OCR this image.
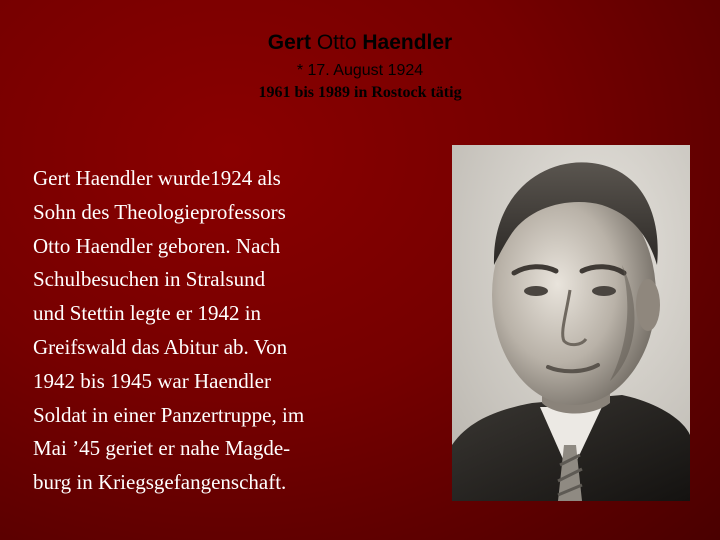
Gert Otto Haendler
* 17. August 1924
1961 bis 1989 in Rostock tätig
Gert Haendler wurde1924 als
Sohn des Theologieprofessors
Otto Haendler geboren. Nach
Schulbesuchen in Stralsund
und Stettin legte er 1942 in
Greifswald das Abitur ab. Von
1942 bis 1945 war Haendler
Soldat in einer Panzertruppe, im
Mai ’45 geriet er nahe Magde-
burg in Kriegsgefangenschaft.
